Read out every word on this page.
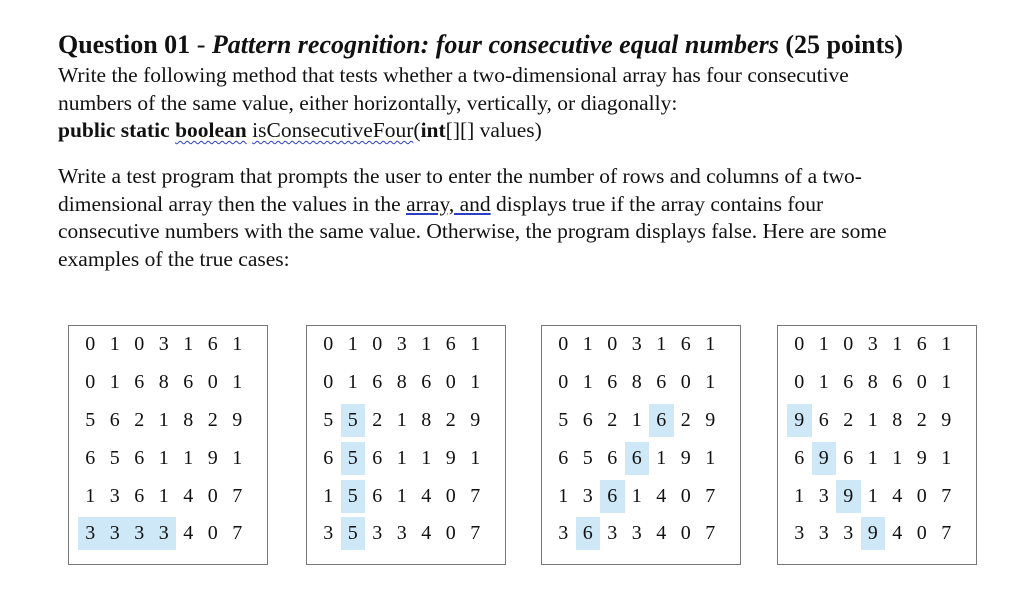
Question 01 - Pattern recognition: four consecutive equal numbers (25 points)

Write the following method that tests whether a two-dimensional array has four consecutive

numbers of the same value, either horizontally, vertically, or diagonally:

public static boolean isConsecutiveFour(int[][] values)

Write a test program that prompts the user to enter the number of rows and columns of a two-

dimensional array then the values in the array, and displays true if the array contains four

consecutive numbers with the same value. Otherwise, the program displays false. Here are some

examples of the true cases:

0 1 0 3 1 6 1
0 1 6 8 6 0 1
5 6 2 1 8 2 9
6 5 6 1 1 9 1
1 3 6 1 4 0 7
3 3 3 3 4 0 7
0 1 0 3 1 6 1
0 1 6 8 6 0 1
5 5 2 1 8 2 9
6 5 6 1 1 9 1
1 5 6 1 4 0 7
3 5 3 3 4 0 7
0 1 0 3 1 6 1
0 1 6 8 6 0 1
5 6 2 1 6 2 9
6 5 6 6 1 9 1
1 3 6 1 4 0 7
3 6 3 3 4 0 7
0 1 0 3 1 6 1
0 1 6 8 6 0 1
9 6 2 1 8 2 9
6 9 6 1 1 9 1
1 3 9 1 4 0 7
3 3 3 9 4 0 7
